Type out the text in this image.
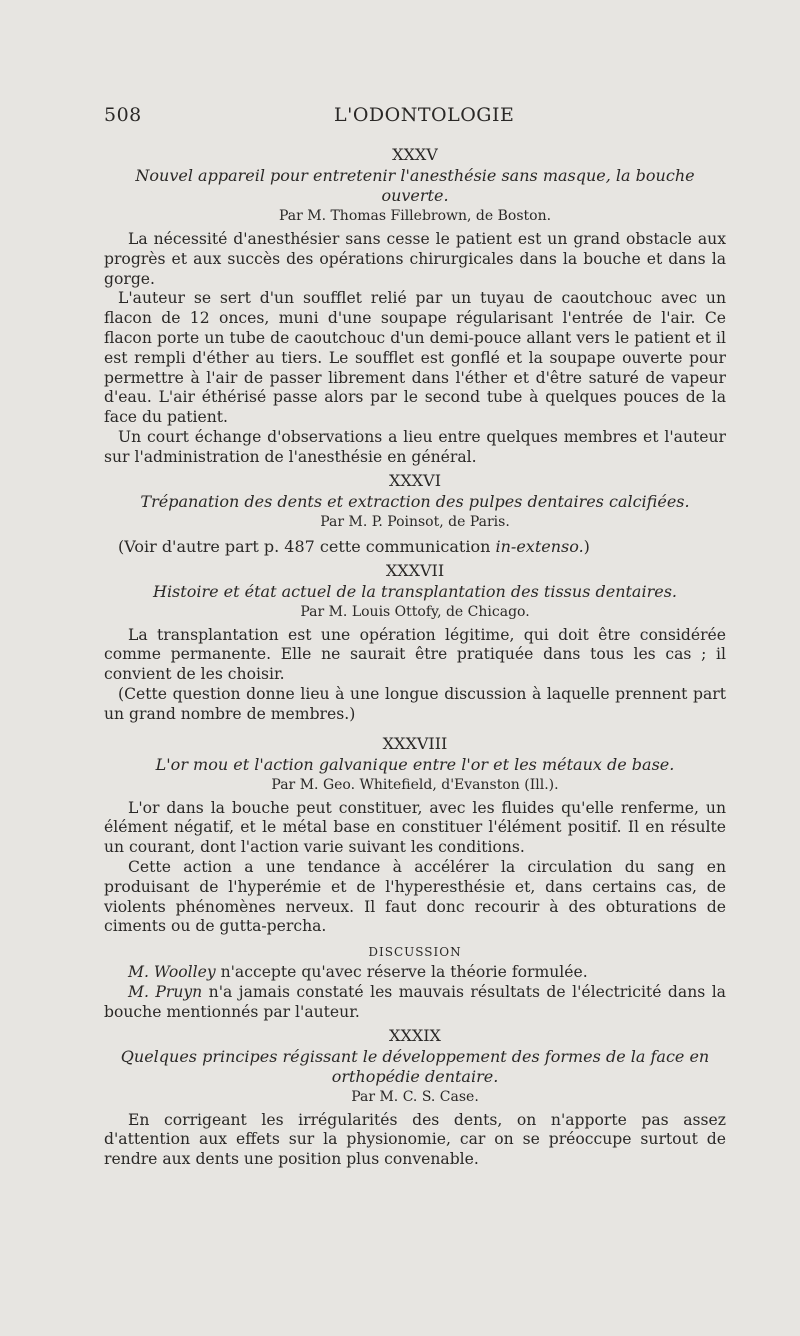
508	L'ODONTOLOGIE

XXXV

Nouvel appareil pour entretenir l'anesthésie sans masque, la bouche ouverte.

Par M. Thomas Fillebrown, de Boston.

La nécessité d'anesthésier sans cesse le patient est un grand obstacle aux progrès et aux succès des opérations chirurgicales dans la bouche et dans la gorge.

L'auteur se sert d'un soufflet relié par un tuyau de caoutchouc avec un flacon de 12 onces, muni d'une soupape régularisant l'entrée de l'air. Ce flacon porte un tube de caoutchouc d'un demi-pouce allant vers le patient et il est rempli d'éther au tiers. Le soufflet est gonflé et la soupape ouverte pour permettre à l'air de passer librement dans l'éther et d'être saturé de vapeur d'eau. L'air éthérisé passe alors par le second tube à quelques pouces de la face du patient.

Un court échange d'observations a lieu entre quelques membres et l'auteur sur l'administration de l'anesthésie en général.

XXXVI

Trépanation des dents et extraction des pulpes dentaires calcifiées.

Par M. P. Poinsot, de Paris.

(Voir d'autre part p. 487 cette communication in-extenso.)

XXXVII

Histoire et état actuel de la transplantation des tissus dentaires.

Par M. Louis Ottofy, de Chicago.

La transplantation est une opération légitime, qui doit être considérée comme permanente. Elle ne saurait être pratiquée dans tous les cas ; il convient de les choisir.

(Cette question donne lieu à une longue discussion à laquelle prennent part un grand nombre de membres.)

XXXVIII

L'or mou et l'action galvanique entre l'or et les métaux de base.

Par M. Geo. Whitefield, d'Evanston (Ill.).

L'or dans la bouche peut constituer, avec les fluides qu'elle renferme, un élément négatif, et le métal base en constituer l'élément positif. Il en résulte un courant, dont l'action varie suivant les conditions.

Cette action a une tendance à accélérer la circulation du sang en produisant de l'hyperémie et de l'hyperesthésie et, dans certains cas, de violents phénomènes nerveux. Il faut donc recourir à des obturations de ciments ou de gutta-percha.

DISCUSSION

M. Woolley n'accepte qu'avec réserve la théorie formulée.

M. Pruyn n'a jamais constaté les mauvais résultats de l'électricité dans la bouche mentionnés par l'auteur.

XXXIX

Quelques principes régissant le développement des formes de la face en orthopédie dentaire.

Par M. C. S. Case.

En corrigeant les irrégularités des dents, on n'apporte pas assez d'attention aux effets sur la physionomie, car on se préoccupe surtout de rendre aux dents une position plus convenable.
